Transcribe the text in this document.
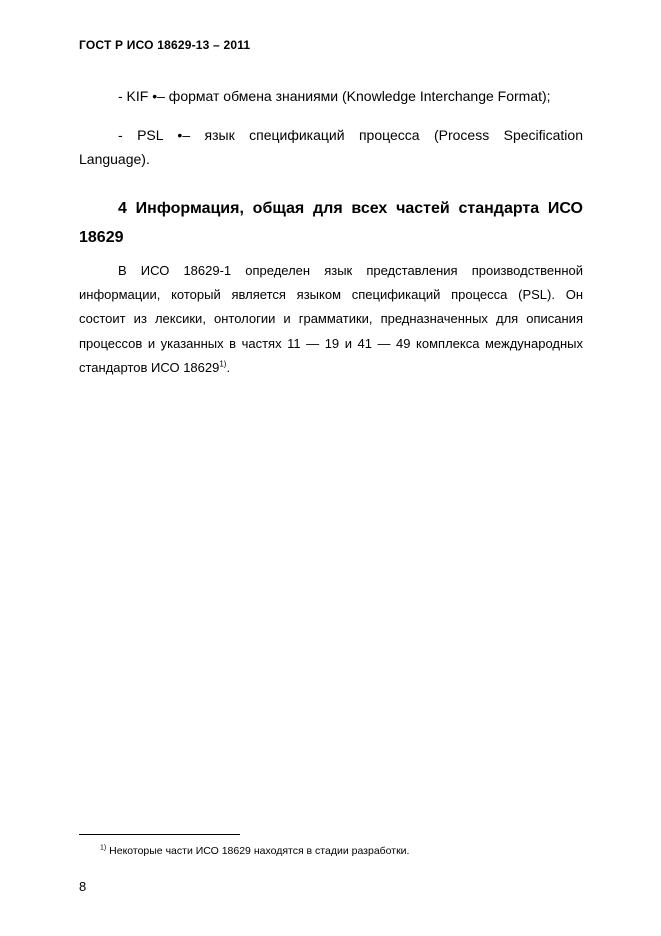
ГОСТ Р ИСО 18629-13 – 2011
- KIF •– формат обмена знаниями (Knowledge Interchange Format);
- PSL •– язык спецификаций процесса (Process Specification
Language).
4 Информация, общая для всех частей стандарта ИСО
18629
В ИСО 18629-1 определен язык представления производственной информации, который является языком спецификаций процесса (PSL). Он состоит из лексики, онтологии и грамматики, предназначенных для описания процессов и указанных в частях 11 — 19 и 41 — 49 комплекса международных стандартов ИСО 18629$^{1)}$.
$^{1)}$ Некоторые части ИСО 18629 находятся в стадии разработки.
8
